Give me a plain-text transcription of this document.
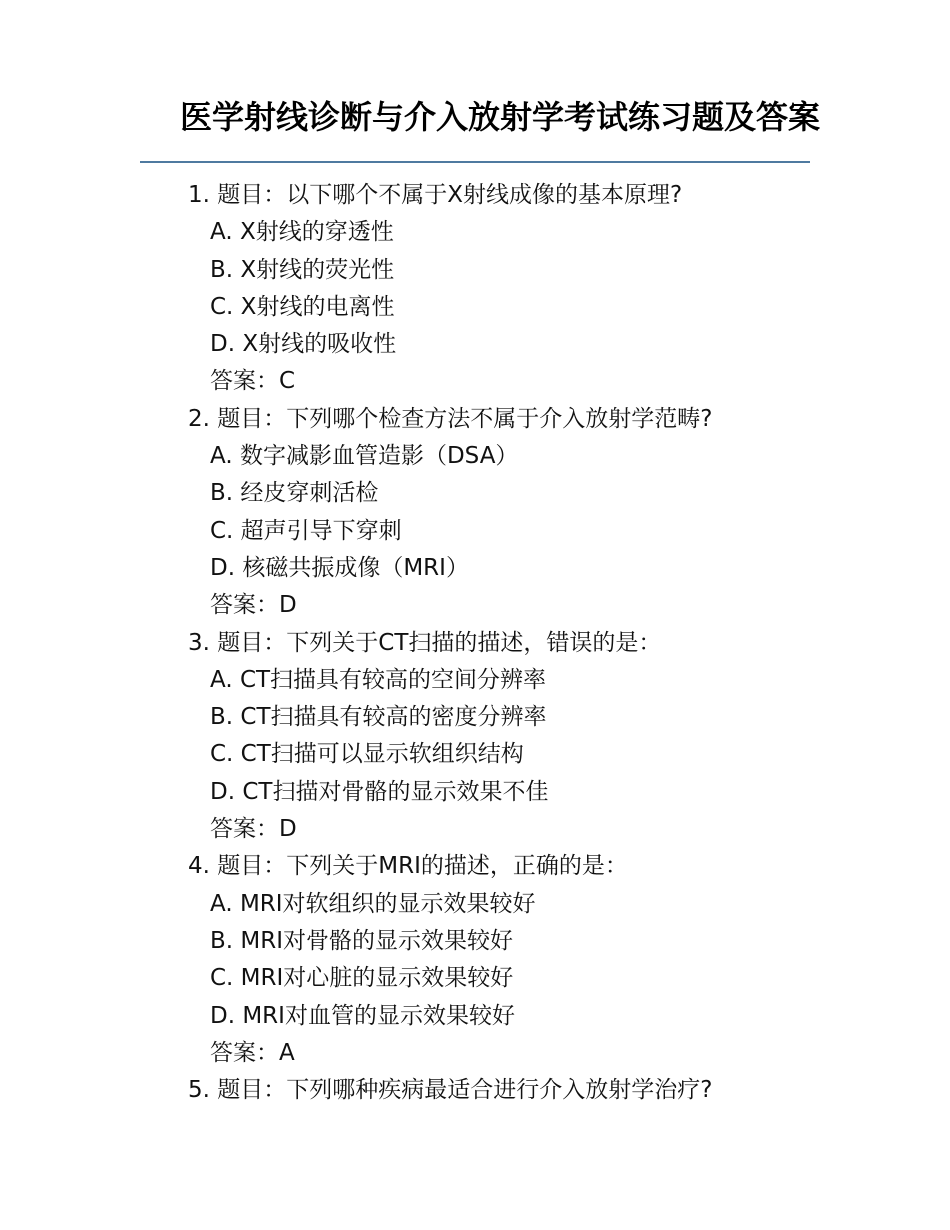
医学射线诊断与介入放射学考试练习题及答案
1. 题目：以下哪个不属于X射线成像的基本原理?
A. X射线的穿透性
B. X射线的荧光性
C. X射线的电离性
D. X射线的吸收性
答案：C
2. 题目：下列哪个检查方法不属于介入放射学范畴?
A. 数字减影血管造影（DSA）
B. 经皮穿刺活检
C. 超声引导下穿刺
D. 核磁共振成像（MRI）
答案：D
3. 题目：下列关于CT扫描的描述，错误的是：
A. CT扫描具有较高的空间分辨率
B. CT扫描具有较高的密度分辨率
C. CT扫描可以显示软组织结构
D. CT扫描对骨骼的显示效果不佳
答案：D
4. 题目：下列关于MRI的描述，正确的是：
A. MRI对软组织的显示效果较好
B. MRI对骨骼的显示效果较好
C. MRI对心脏的显示效果较好
D. MRI对血管的显示效果较好
答案：A
5. 题目：下列哪种疾病最适合进行介入放射学治疗?
